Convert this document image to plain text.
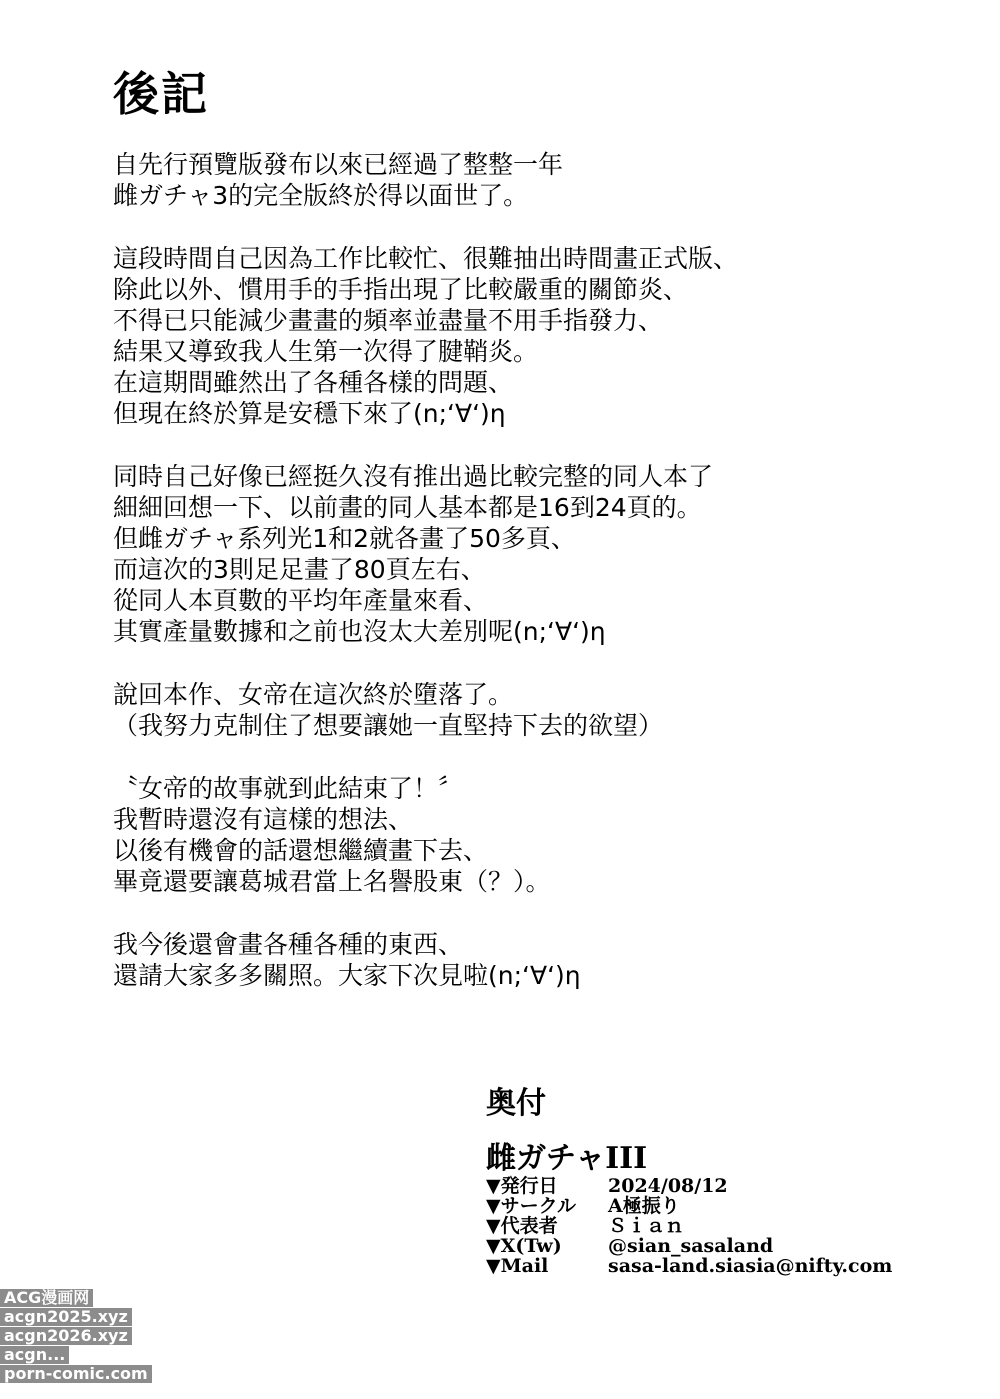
後記
自先行預覽版發布以來已經過了整整一年
雌ガチャ3的完全版終於得以面世了。
這段時間自己因為工作比較忙、很難抽出時間畫正式版、
除此以外、慣用手的手指出現了比較嚴重的關節炎、
不得已只能減少畫畫的頻率並盡量不用手指發力、
結果又導致我人生第一次得了腱鞘炎。
在這期間雖然出了各種各樣的問題、
但現在終於算是安穩下來了(n;‘∀‘)η
同時自己好像已經挺久沒有推出過比較完整的同人本了
細細回想一下、以前畫的同人基本都是16到24頁的。
但雌ガチャ系列光1和2就各畫了50多頁、
而這次的3則足足畫了80頁左右、
從同人本頁數的平均年產量來看、
其實產量數據和之前也沒太大差別呢(n;‘∀‘)η
說回本作、女帝在這次終於墮落了。
（我努力克制住了想要讓她一直堅持下去的欲望）
〝女帝的故事就到此結束了！〞
我暫時還沒有這樣的想法、
以後有機會的話還想繼續畫下去、
畢竟還要讓葛城君當上名譽股東（？）。
我今後還會畫各種各種的東西、
還請大家多多關照。大家下次見啦(n;‘∀‘)η
奥付
雌ガチャIII
▼発行日	2024/08/12
▼サークル	A極振り
▼代表者	Ｓｉａｎ
▼X(Tw)	@sian_sasaland
▼Mail	sasa-land.siasia@nifty.com
ACG漫画网
acgn2025.xyz
acgn2026.xyz
acgn...
porn-comic.com
